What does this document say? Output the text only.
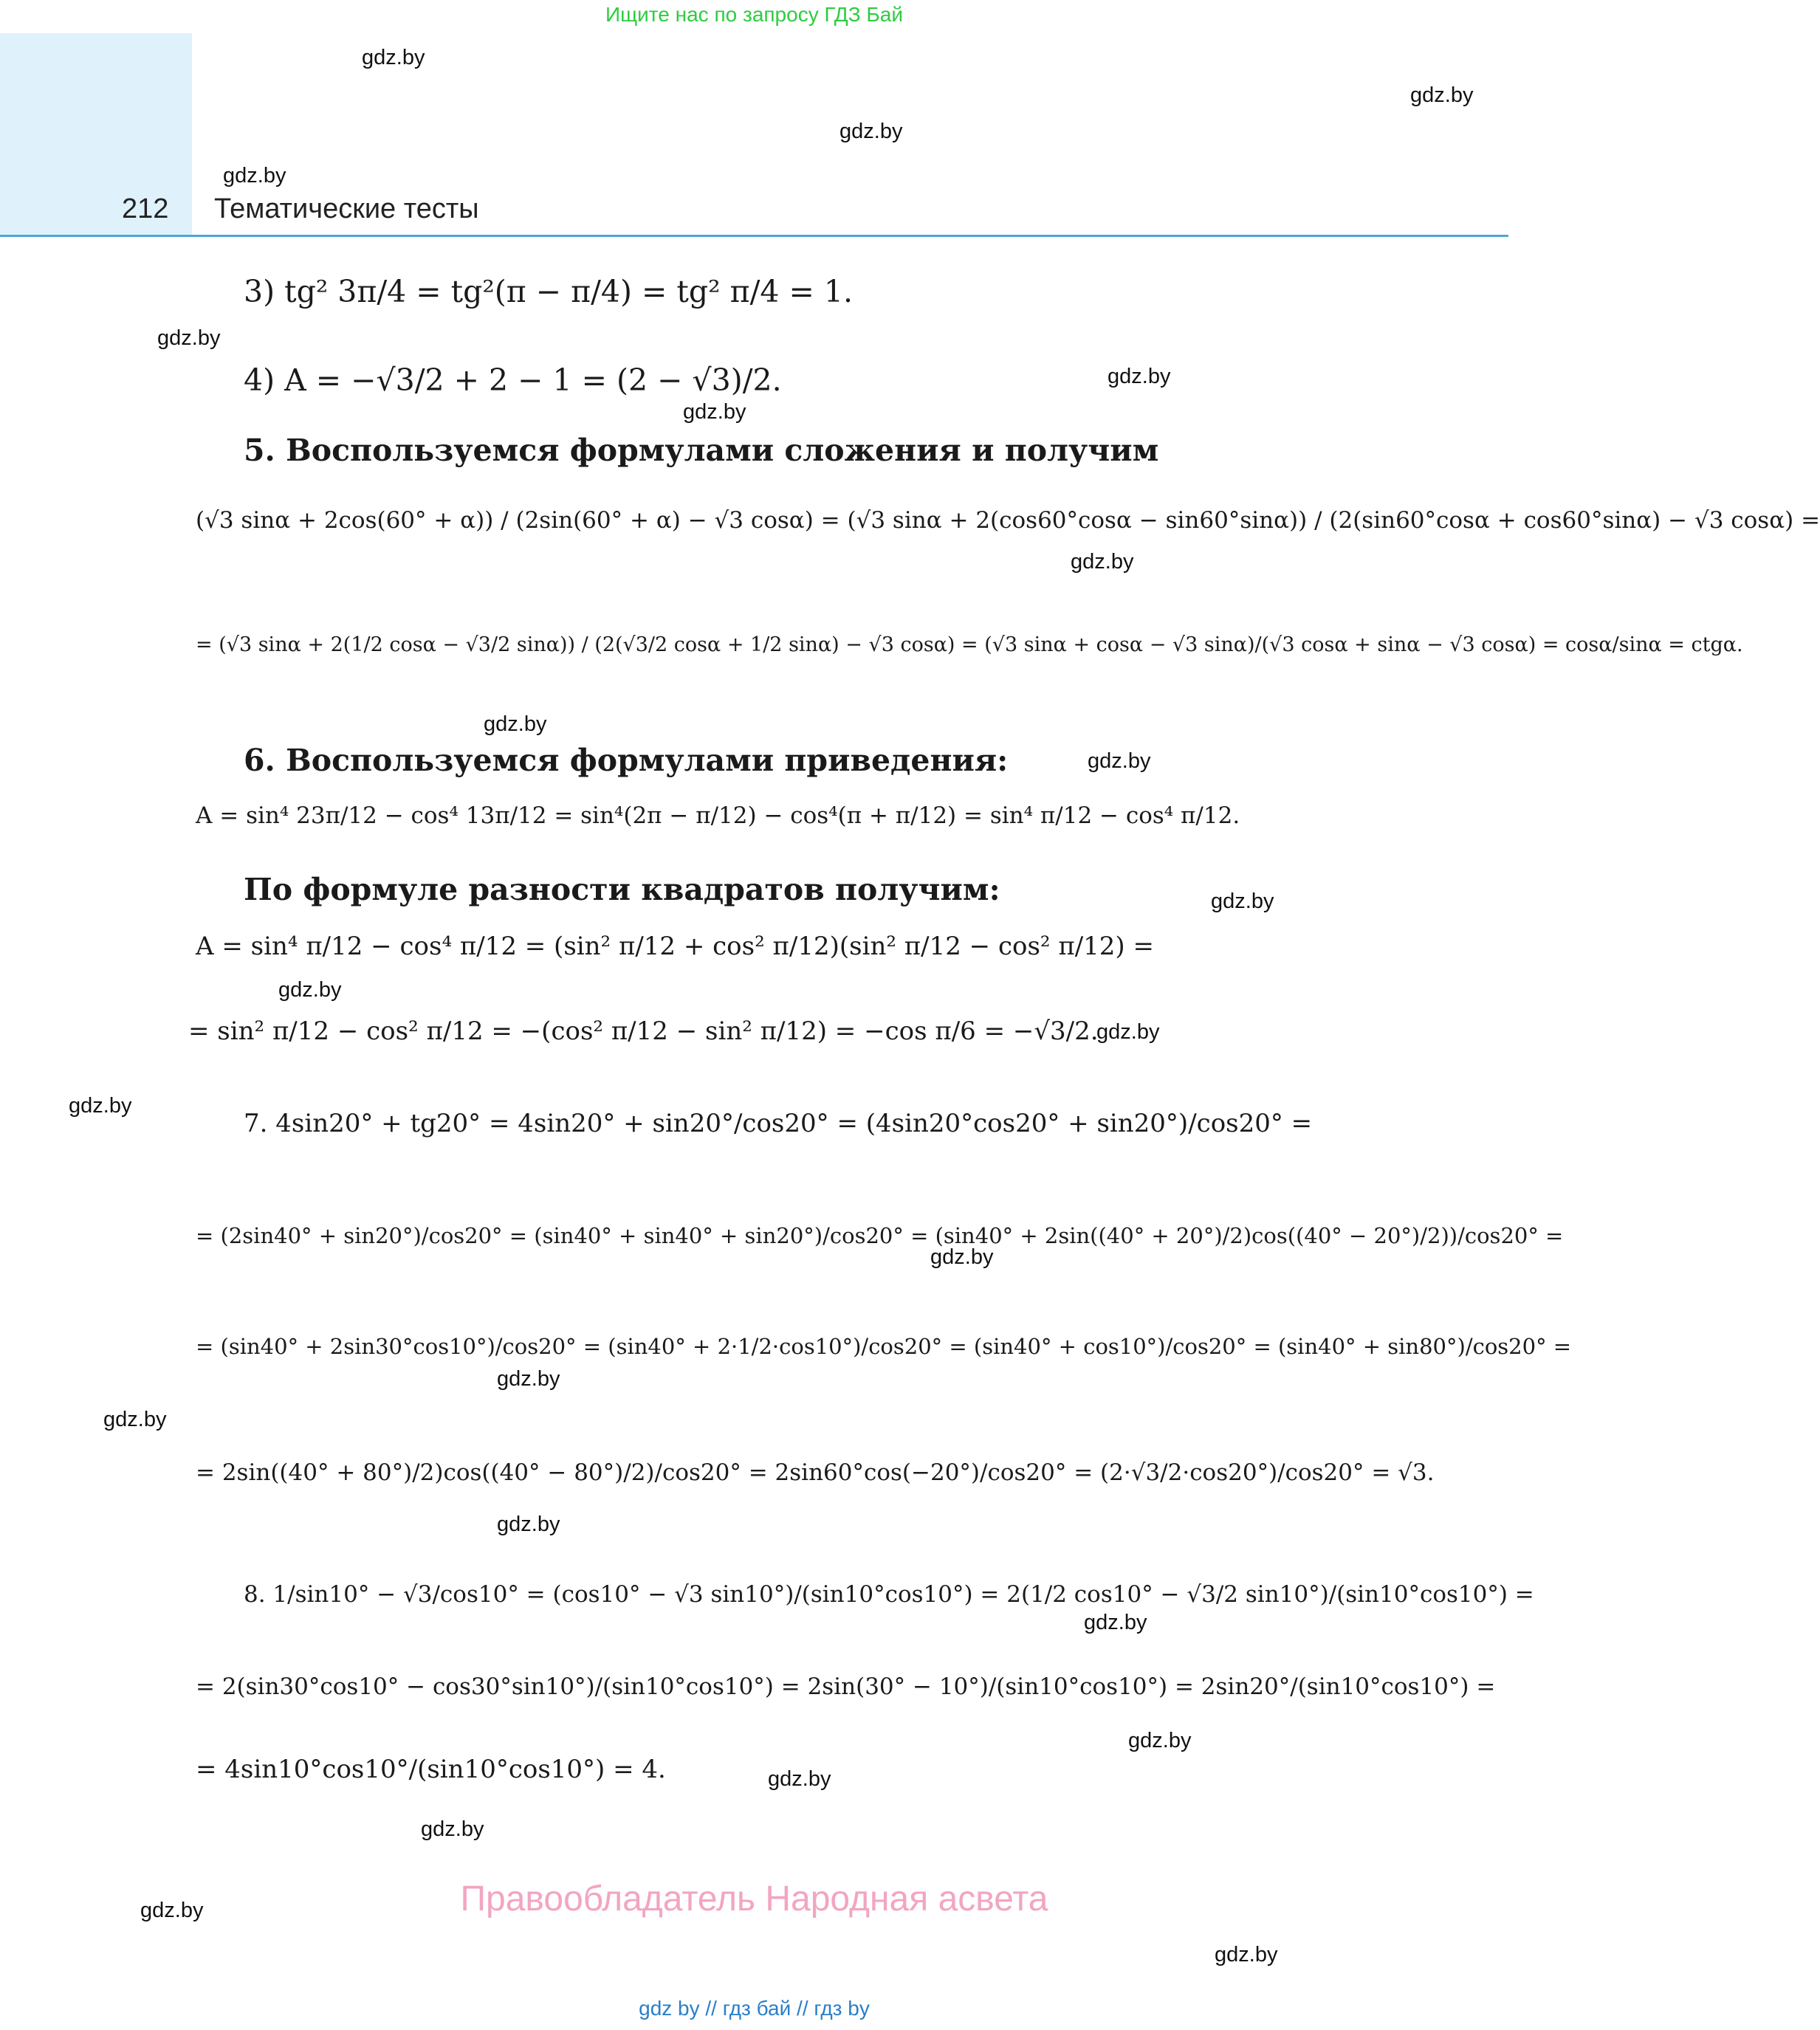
Ищите нас по запросу ГДЗ Бай
212 Тематические тесты
gdz.by
gdz.by
gdz.by
gdz.by
gdz.by
gdz.by
gdz.by
gdz.by
gdz.by
gdz.by
gdz.by
gdz.by
gdz.by
gdz.by
gdz.by
gdz.by
gdz.by
gdz.by
gdz.by
gdz.by
gdz.by
gdz.by
gdz.by
gdz.by
3) tg² 3π/4 = tg²(π − π/4) = tg² π/4 = 1.
4) A = −√3/2 + 2 − 1 = (2 − √3)/2.
5. Воспользуемся формулами сложения и получим
(√3 sinα + 2cos(60° + α)) / (2sin(60° + α) − √3 cosα) = (√3 sinα + 2(cos60°cosα − sin60°sinα)) / (2(sin60°cosα + cos60°sinα) − √3 cosα) =
= (√3 sinα + 2(1/2 cosα − √3/2 sinα)) / (2(√3/2 cosα + 1/2 sinα) − √3 cosα) = (√3 sinα + cosα − √3 sinα)/(√3 cosα + sinα − √3 cosα) = cosα/sinα = ctgα.
6. Воспользуемся формулами приведения:
A = sin⁴ 23π/12 − cos⁴ 13π/12 = sin⁴(2π − π/12) − cos⁴(π + π/12) = sin⁴ π/12 − cos⁴ π/12.
По формуле разности квадратов получим:
A = sin⁴ π/12 − cos⁴ π/12 = (sin² π/12 + cos² π/12)(sin² π/12 − cos² π/12) =
= sin² π/12 − cos² π/12 = −(cos² π/12 − sin² π/12) = −cos π/6 = −√3/2.
7. 4sin20° + tg20° = 4sin20° + sin20°/cos20° = (4sin20°cos20° + sin20°)/cos20° =
= (2sin40° + sin20°)/cos20° = (sin40° + sin40° + sin20°)/cos20° = (sin40° + 2sin((40° + 20°)/2)cos((40° − 20°)/2))/cos20° =
= (sin40° + 2sin30°cos10°)/cos20° = (sin40° + 2·1/2·cos10°)/cos20° = (sin40° + cos10°)/cos20° = (sin40° + sin80°)/cos20° =
= 2sin((40° + 80°)/2)cos((40° − 80°)/2)/cos20° = 2sin60°cos(−20°)/cos20° = (2·√3/2·cos20°)/cos20° = √3.
8. 1/sin10° − √3/cos10° = (cos10° − √3 sin10°)/(sin10°cos10°) = 2(1/2 cos10° − √3/2 sin10°)/(sin10°cos10°) =
= 2(sin30°cos10° − cos30°sin10°)/(sin10°cos10°) = 2sin(30° − 10°)/(sin10°cos10°) = 2sin20°/(sin10°cos10°) =
= 4sin10°cos10°/(sin10°cos10°) = 4.
Правообладатель Народная асвета
gdz by // гдз бай // гдз by
